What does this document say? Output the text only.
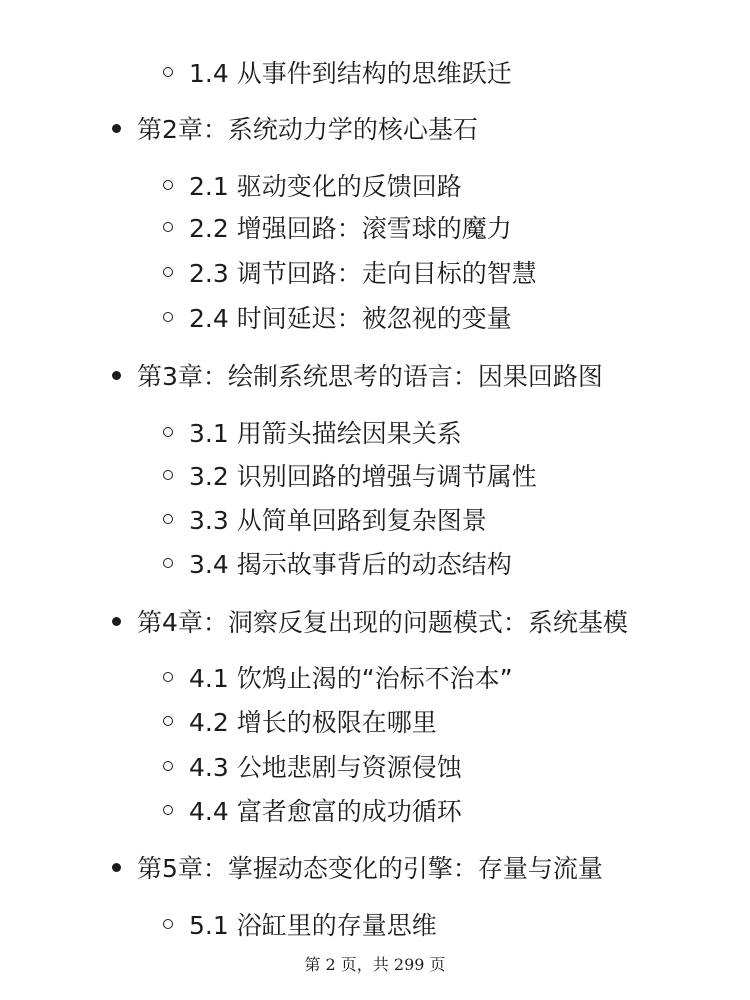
1.4 从事件到结构的思维跃迁
第2章：系统动力学的核心基石
2.1 驱动变化的反馈回路
2.2 增强回路：滚雪球的魔力
2.3 调节回路：走向目标的智慧
2.4 时间延迟：被忽视的变量
第3章：绘制系统思考的语言：因果回路图
3.1 用箭头描绘因果关系
3.2 识别回路的增强与调节属性
3.3 从简单回路到复杂图景
3.4 揭示故事背后的动态结构
第4章：洞察反复出现的问题模式：系统基模
4.1 饮鸩止渴的“治标不治本”
4.2 增长的极限在哪里
4.3 公地悲剧与资源侵蚀
4.4 富者愈富的成功循环
第5章：掌握动态变化的引擎：存量与流量
5.1 浴缸里的存量思维
第 2 页，共 299 页
